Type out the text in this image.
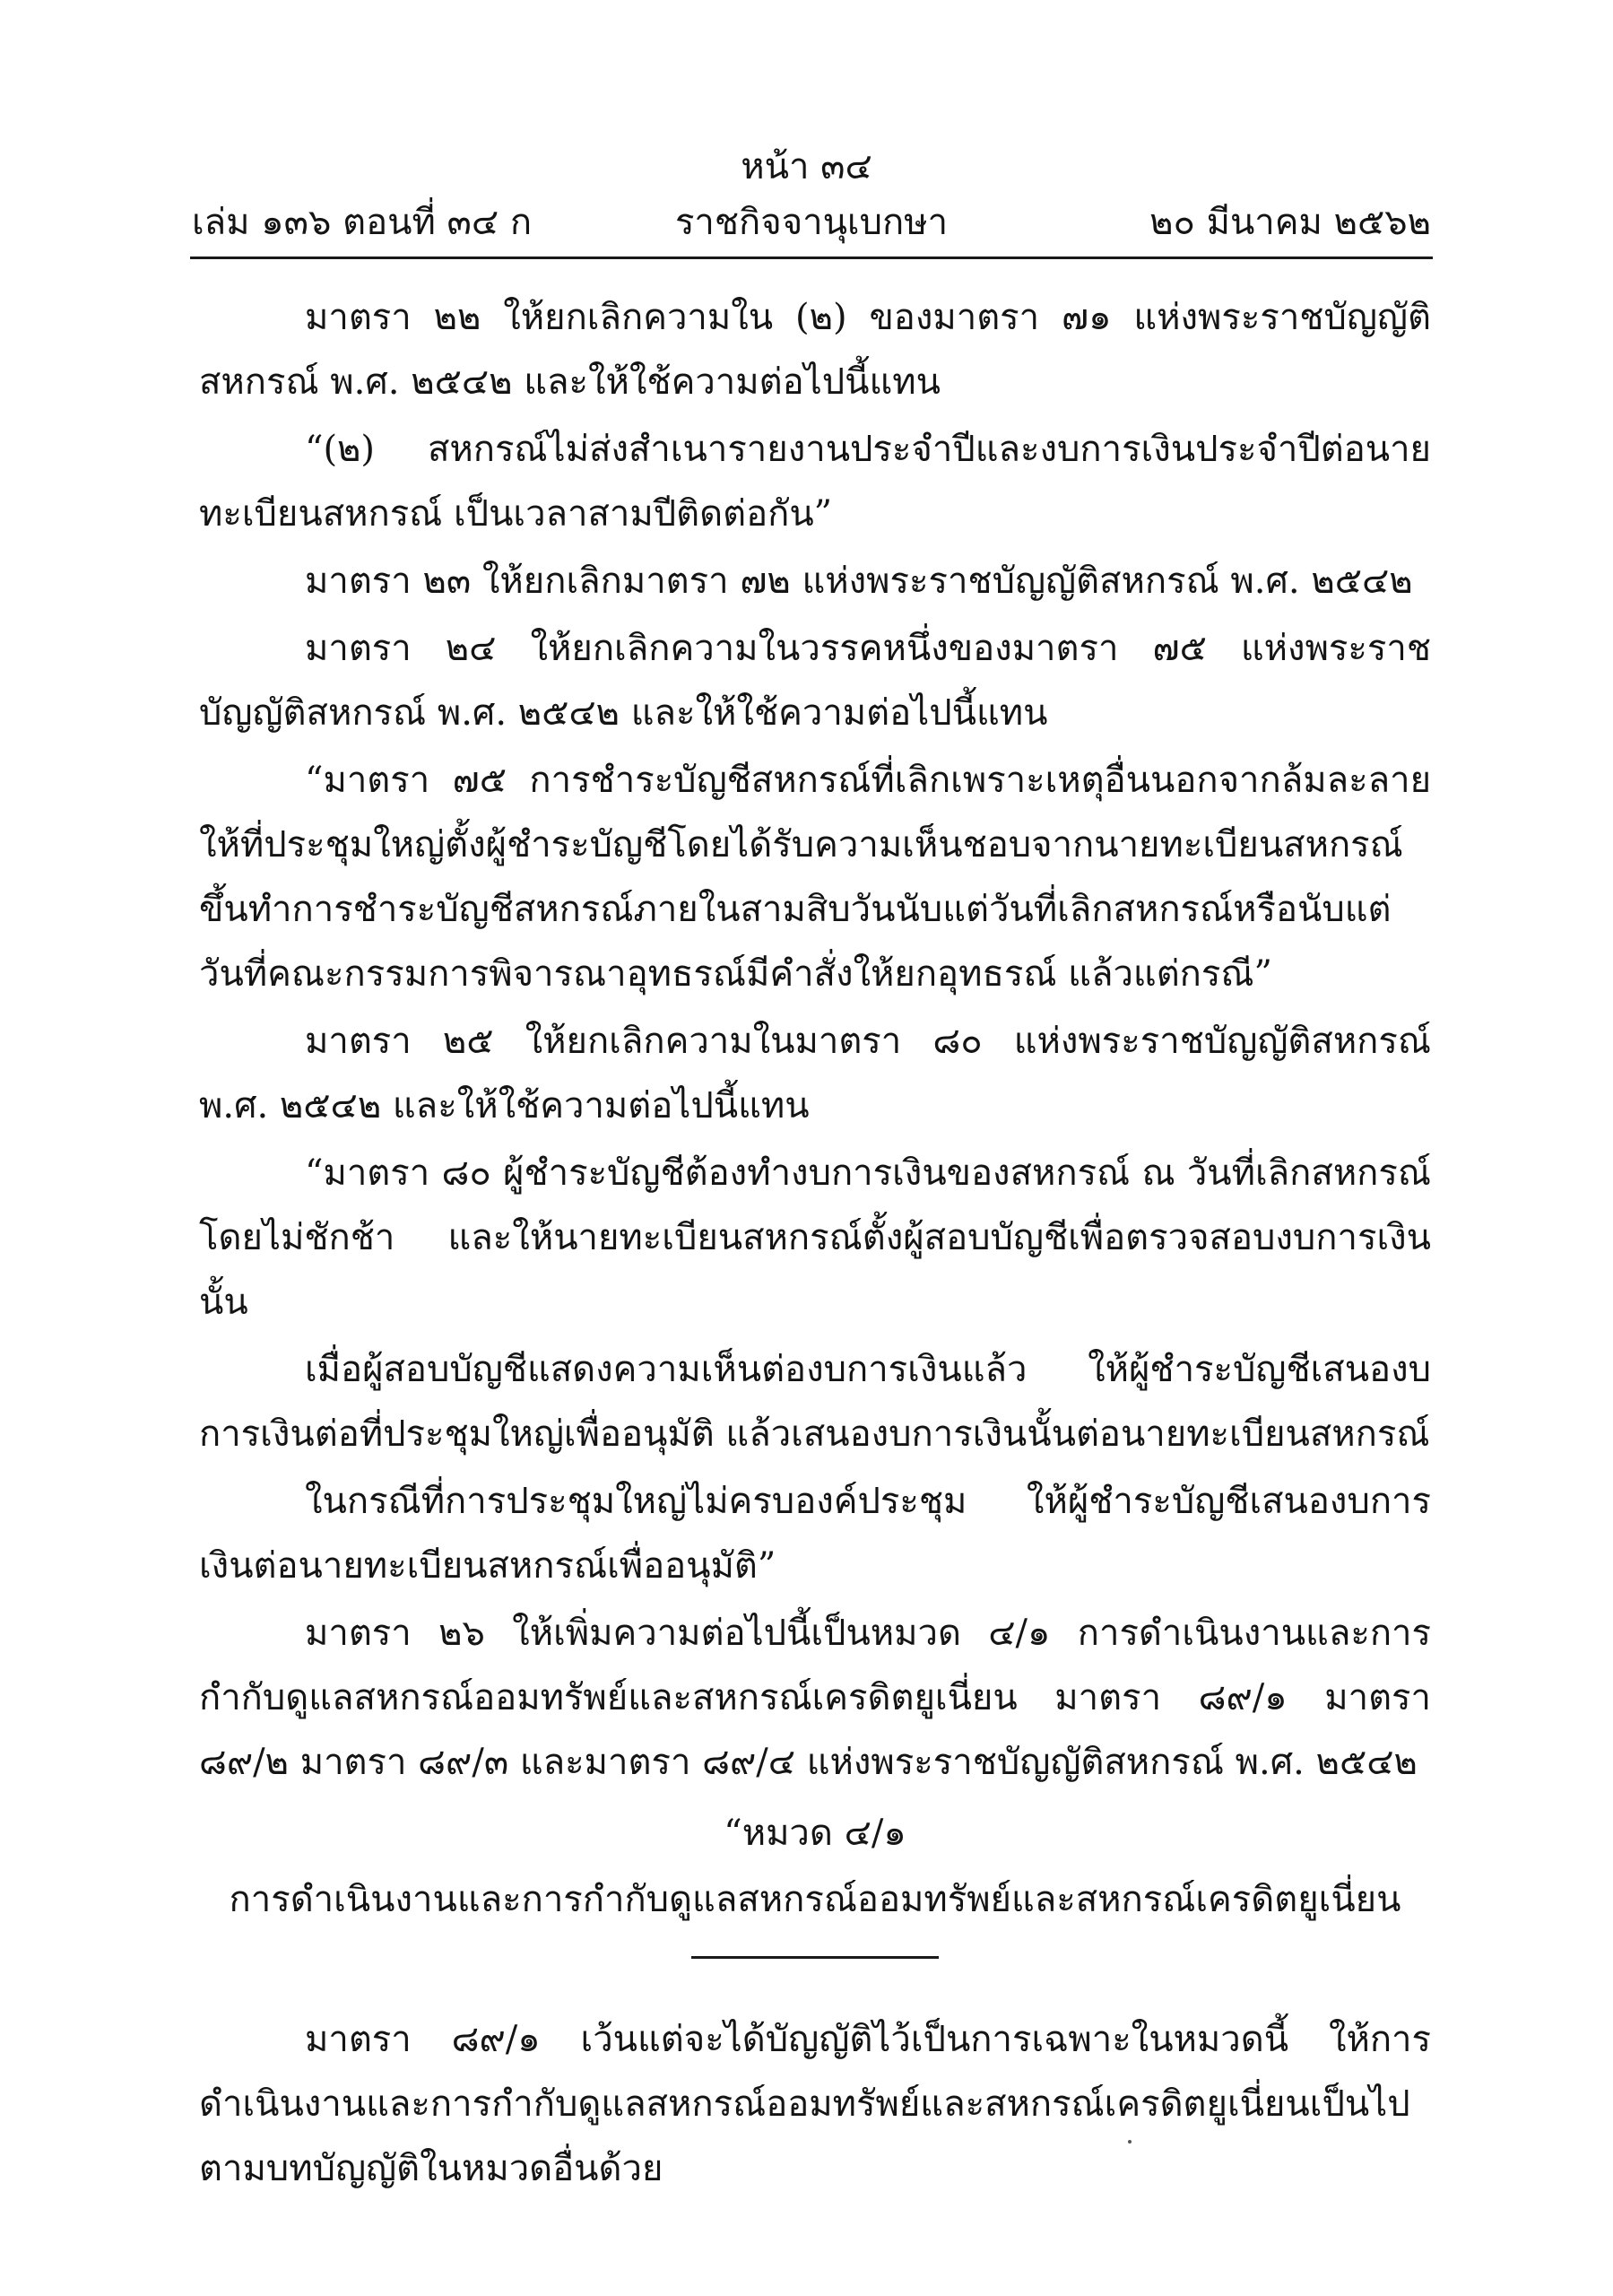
หน้า ๓๔
ราชกิจจานุเบกษา
เล่ม ๑๓๖ ตอนที่ ๓๔ ก	๒๐ มีนาคม ๒๕๖๒

มาตรา ๒๒ ให้ยกเลิกความใน (๒) ของมาตรา ๗๑ แห่งพระราชบัญญัติสหกรณ์ พ.ศ. ๒๕๔๒ และให้ใช้ความต่อไปนี้แทน

“(๒) สหกรณ์ไม่ส่งสำเนารายงานประจำปีและงบการเงินประจำปีต่อนายทะเบียนสหกรณ์ เป็นเวลาสามปีติดต่อกัน”

มาตรา ๒๓ ให้ยกเลิกมาตรา ๗๒ แห่งพระราชบัญญัติสหกรณ์ พ.ศ. ๒๕๔๒

มาตรา ๒๔ ให้ยกเลิกความในวรรคหนึ่งของมาตรา ๗๕ แห่งพระราชบัญญัติสหกรณ์ พ.ศ. ๒๕๔๒ และให้ใช้ความต่อไปนี้แทน

“มาตรา ๗๕ การชำระบัญชีสหกรณ์ที่เลิกเพราะเหตุอื่นนอกจากล้มละลาย ให้ที่ประชุมใหญ่ตั้งผู้ชำระบัญชีโดยได้รับความเห็นชอบจากนายทะเบียนสหกรณ์ขึ้นทำการชำระบัญชีสหกรณ์ภายในสามสิบวันนับแต่วันที่เลิกสหกรณ์หรือนับแต่วันที่คณะกรรมการพิจารณาอุทธรณ์มีคำสั่งให้ยกอุทธรณ์ แล้วแต่กรณี”

มาตรา ๒๕ ให้ยกเลิกความในมาตรา ๘๐ แห่งพระราชบัญญัติสหกรณ์ พ.ศ. ๒๕๔๒ และให้ใช้ความต่อไปนี้แทน

“มาตรา ๘๐ ผู้ชำระบัญชีต้องทำงบการเงินของสหกรณ์ ณ วันที่เลิกสหกรณ์โดยไม่ชักช้า และให้นายทะเบียนสหกรณ์ตั้งผู้สอบบัญชีเพื่อตรวจสอบงบการเงินนั้น

เมื่อผู้สอบบัญชีแสดงความเห็นต่องบการเงินแล้ว ให้ผู้ชำระบัญชีเสนองบการเงินต่อที่ประชุมใหญ่เพื่ออนุมัติ แล้วเสนองบการเงินนั้นต่อนายทะเบียนสหกรณ์

ในกรณีที่การประชุมใหญ่ไม่ครบองค์ประชุม ให้ผู้ชำระบัญชีเสนองบการเงินต่อนายทะเบียนสหกรณ์เพื่ออนุมัติ”

มาตรา ๒๖ ให้เพิ่มความต่อไปนี้เป็นหมวด ๔/๑ การดำเนินงานและการกำกับดูแลสหกรณ์ออมทรัพย์และสหกรณ์เครดิตยูเนี่ยน มาตรา ๘๙/๑ มาตรา ๘๙/๒ มาตรา ๘๙/๓ และมาตรา ๘๙/๔ แห่งพระราชบัญญัติสหกรณ์ พ.ศ. ๒๕๔๒

“หมวด ๔/๑

การดำเนินงานและการกำกับดูแลสหกรณ์ออมทรัพย์และสหกรณ์เครดิตยูเนี่ยน

มาตรา ๘๙/๑ เว้นแต่จะได้บัญญัติไว้เป็นการเฉพาะในหมวดนี้ ให้การดำเนินงานและการกำกับดูแลสหกรณ์ออมทรัพย์และสหกรณ์เครดิตยูเนี่ยนเป็นไปตามบทบัญญัติในหมวดอื่นด้วย
